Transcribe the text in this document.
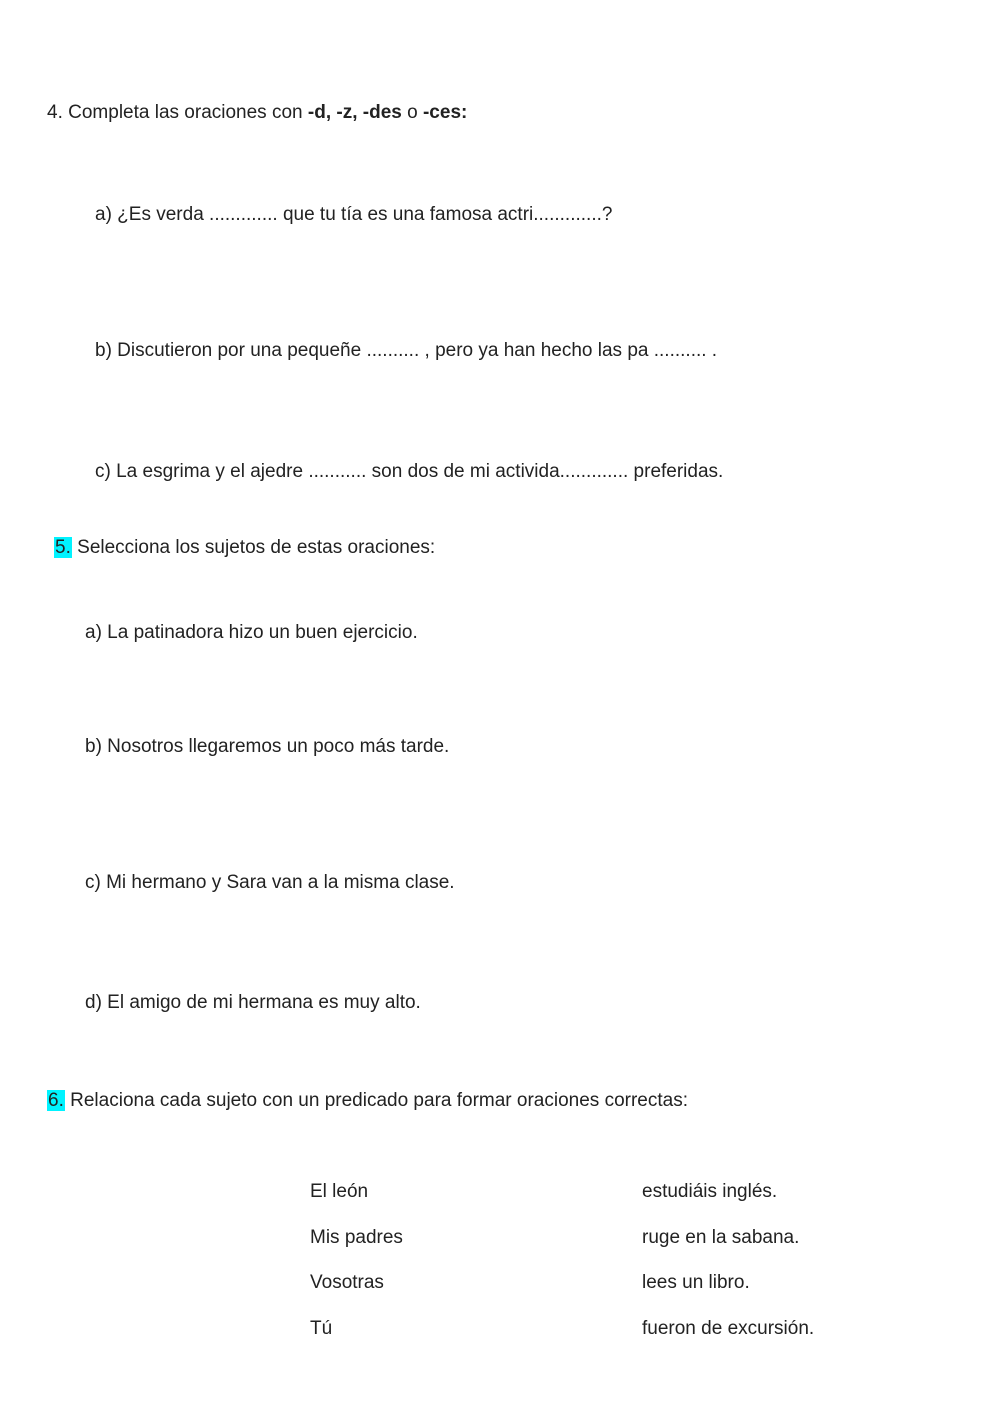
4. Completa las oraciones con -d, -z, -des o -ces:
a) ¿Es verda ............. que tu tía es una famosa actri.............?
b) Discutieron por una pequeñe .......... , pero ya han hecho las pa .......... .
c) La esgrima y el ajedre ........... son dos de mi activida............. preferidas.
5. Selecciona los sujetos de estas oraciones:
a) La patinadora hizo un buen ejercicio.
b) Nosotros llegaremos un poco más tarde.
c) Mi hermano y Sara van a la misma clase.
d) El amigo de mi hermana es muy alto.
6. Relaciona cada sujeto con un predicado para formar oraciones correctas:
El león
Mis padres
Vosotras
Tú
estudiáis inglés.
ruge en la sabana.
lees un libro.
fueron de excursión.
